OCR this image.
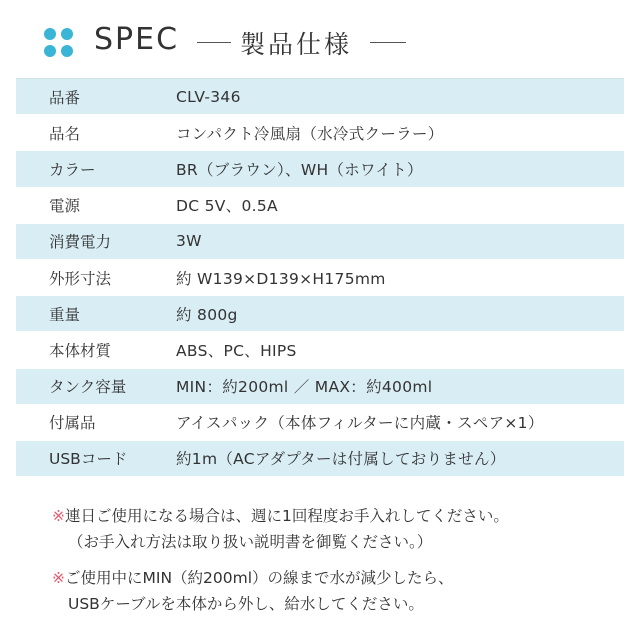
SPEC 製品仕様
品番	CLV-346
品名	コンパクト冷風扇（水冷式クーラー）
カラー	BR（ブラウン）、WH（ホワイト）
電源	DC 5V、0.5A
消費電力	3W
外形寸法	約 W139×D139×H175mm
重量	約 800g
本体材質	ABS、PC、HIPS
タンク容量	MIN：約200ml ／ MAX：約400ml
付属品	アイスパック（本体フィルターに内蔵・スペア×1）
USBコード	約1m（ACアダプターは付属しておりません）
※連日ご使用になる場合は、週に1回程度お手入れしてください。
（お手入れ方法は取り扱い説明書を御覧ください。）
※ご使用中にMIN（約200ml）の線まで水が減少したら、
USBケーブルを本体から外し、給水してください。
